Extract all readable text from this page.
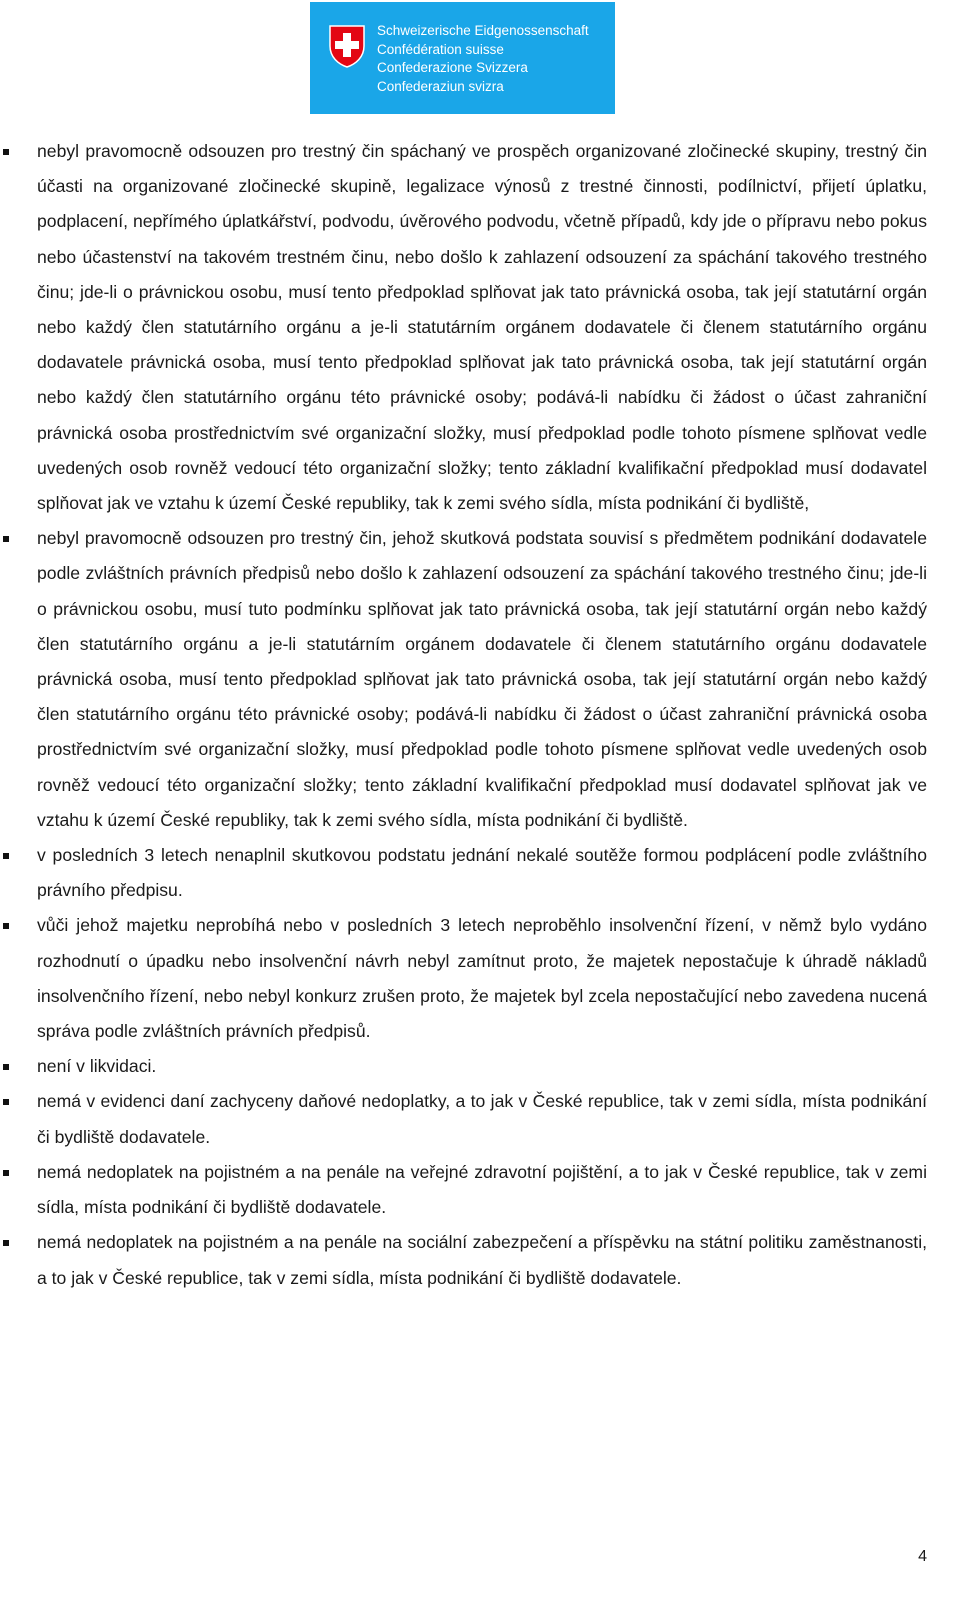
Schweizerische Eidgenossenschaft
Confédération suisse
Confederazione Svizzera
Confederaziun svizra
nebyl pravomocně odsouzen pro trestný čin spáchaný ve prospěch organizované zločinecké skupiny, trestný čin účasti na organizované zločinecké skupině, legalizace výnosů z trestné činnosti, podílnictví, přijetí úplatku, podplacení, nepřímého úplatkářství, podvodu, úvěrového podvodu, včetně případů, kdy jde o přípravu nebo pokus nebo účastenství na takovém trestném činu, nebo došlo k zahlazení odsouzení za spáchání takového trestného činu; jde-li o právnickou osobu, musí tento předpoklad splňovat jak tato právnická osoba, tak její statutární orgán nebo každý člen statutárního orgánu a je-li statutárním orgánem dodavatele či členem statutárního orgánu dodavatele právnická osoba, musí tento předpoklad splňovat jak tato právnická osoba, tak její statutární orgán nebo každý člen statutárního orgánu této právnické osoby; podává-li nabídku či žádost o účast zahraniční právnická osoba prostřednictvím své organizační složky, musí předpoklad podle tohoto písmene splňovat vedle uvedených osob rovněž vedoucí této organizační složky; tento základní kvalifikační předpoklad musí dodavatel splňovat jak ve vztahu k území České republiky, tak k zemi svého sídla, místa podnikání či bydliště,
nebyl pravomocně odsouzen pro trestný čin, jehož skutková podstata souvisí s předmětem podnikání dodavatele podle zvláštních právních předpisů nebo došlo k zahlazení odsouzení za spáchání takového trestného činu; jde-li o právnickou osobu, musí tuto podmínku splňovat jak tato právnická osoba, tak její statutární orgán nebo každý člen statutárního orgánu a je-li statutárním orgánem dodavatele či členem statutárního orgánu dodavatele právnická osoba, musí tento předpoklad splňovat jak tato právnická osoba, tak její statutární orgán nebo každý člen statutárního orgánu této právnické osoby; podává-li nabídku či žádost o účast zahraniční právnická osoba prostřednictvím své organizační složky, musí předpoklad podle tohoto písmene splňovat vedle uvedených osob rovněž vedoucí této organizační složky; tento základní kvalifikační předpoklad musí dodavatel splňovat jak ve vztahu k území České republiky, tak k zemi svého sídla, místa podnikání či bydliště.
v posledních 3 letech nenaplnil skutkovou podstatu jednání nekalé soutěže formou podplácení podle zvláštního právního předpisu.
vůči jehož majetku neprobíhá nebo v posledních 3 letech neproběhlo insolvenční řízení, v němž bylo vydáno rozhodnutí o úpadku nebo insolvenční návrh nebyl zamítnut proto, že majetek nepostačuje k úhradě nákladů insolvenčního řízení, nebo nebyl konkurz zrušen proto, že majetek byl zcela nepostačující nebo zavedena nucená správa podle zvláštních právních předpisů.
není v likvidaci.
nemá v evidenci daní zachyceny daňové nedoplatky, a to jak v České republice, tak v zemi sídla, místa podnikání či bydliště dodavatele.
nemá nedoplatek na pojistném a na penále na veřejné zdravotní pojištění, a to jak v České republice, tak v zemi sídla, místa podnikání či bydliště dodavatele.
nemá nedoplatek na pojistném a na penále na sociální zabezpečení a příspěvku na státní politiku zaměstnanosti, a to jak v České republice, tak v zemi sídla, místa podnikání či bydliště dodavatele.
4
